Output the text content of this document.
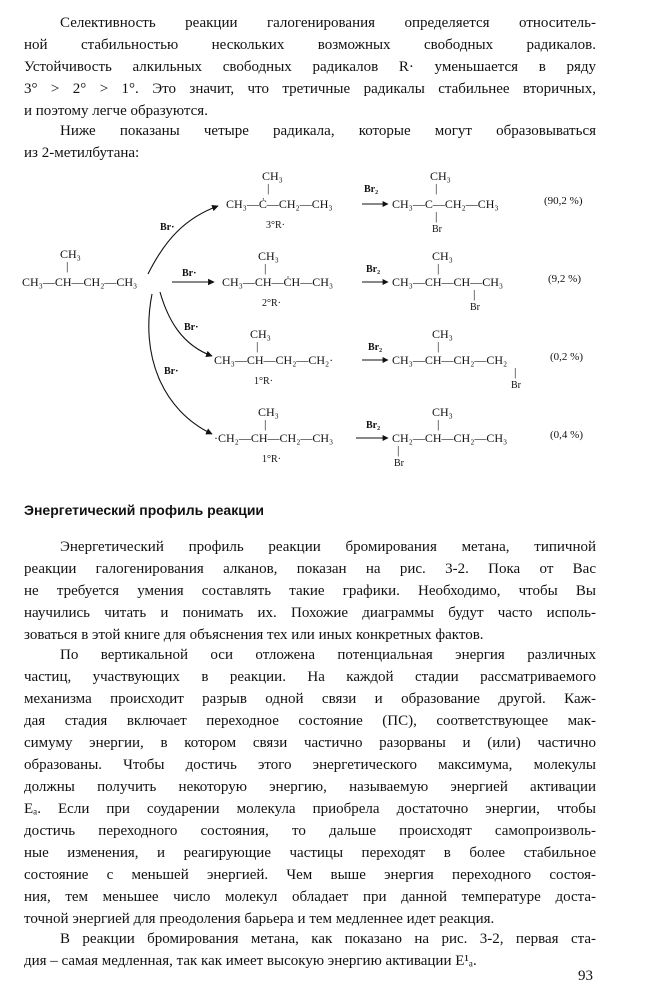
Селективность реакции галогенирования определяется относитель-
ной стабильностью нескольких возможных свободных радикалов.
Устойчивость алкильных свободных радикалов R· уменьшается в ряду
3° > 2° > 1°. Это значит, что третичные радикалы стабильнее вторичных,
и поэтому легче образуются.
Ниже показаны четыре радикала, которые могут образовываться
из 2-метилбутана:
CH₃
|
CH₃—CH—CH₂—CH₃
Br·
Br·
Br·
Br·
CH₃
|
CH₃—Ċ—CH₂—CH₃
3°R·
Br₂
CH₃
|
CH₃—C—CH₂—CH₃
|
Br
(90,2 %)
CH₃
|
CH₃—CH—ĊH—CH₃
2°R·
Br₂
CH₃
|
CH₃—CH—CH—CH₃
|
Br
(9,2 %)
CH₃
|
CH₃—CH—CH₂—CH₂·
1°R·
Br₂
CH₃
|
CH₃—CH—CH₂—CH₂
|
Br
(0,2 %)
CH₃
|
·CH₂—CH—CH₂—CH₃
1°R·
Br₂
CH₃
|
CH₂—CH—CH₂—CH₃
|
Br
(0,4 %)
Энергетический профиль реакции
Энергетический профиль реакции бромирования метана, типичной
реакции галогенирования алканов, показан на рис. 3-2. Пока от Вас
не требуется умения составлять такие графики. Необходимо, чтобы Вы
научились читать и понимать их. Похожие диаграммы будут часто исполь-
зоваться в этой книге для объяснения тех или иных конкретных фактов.
По вертикальной оси отложена потенциальная энергия различных
частиц, участвующих в реакции. На каждой стадии рассматриваемого
механизма происходит разрыв одной связи и образование другой. Каж-
дая стадия включает переходное состояние (ПС), соответствующее мак-
симуму энергии, в котором связи частично разорваны и (или) частично
образованы. Чтобы достичь этого энергетического максимума, молекулы
должны получить некоторую энергию, называемую энергией активации
Eₐ. Если при соударении молекула приобрела достаточно энергии, чтобы
достичь переходного состояния, то дальше происходят самопроизволь-
ные изменения, и реагирующие частицы переходят в более стабильное
состояние с меньшей энергией. Чем выше энергия переходного состоя-
ния, тем меньшее число молекул обладает при данной температуре доста-
точной энергией для преодоления барьера и тем медленнее идет реакция.
В реакции бромирования метана, как показано на рис. 3-2, первая ста-
дия – самая медленная, так как имеет высокую энергию активации E¹ₐ.
93
